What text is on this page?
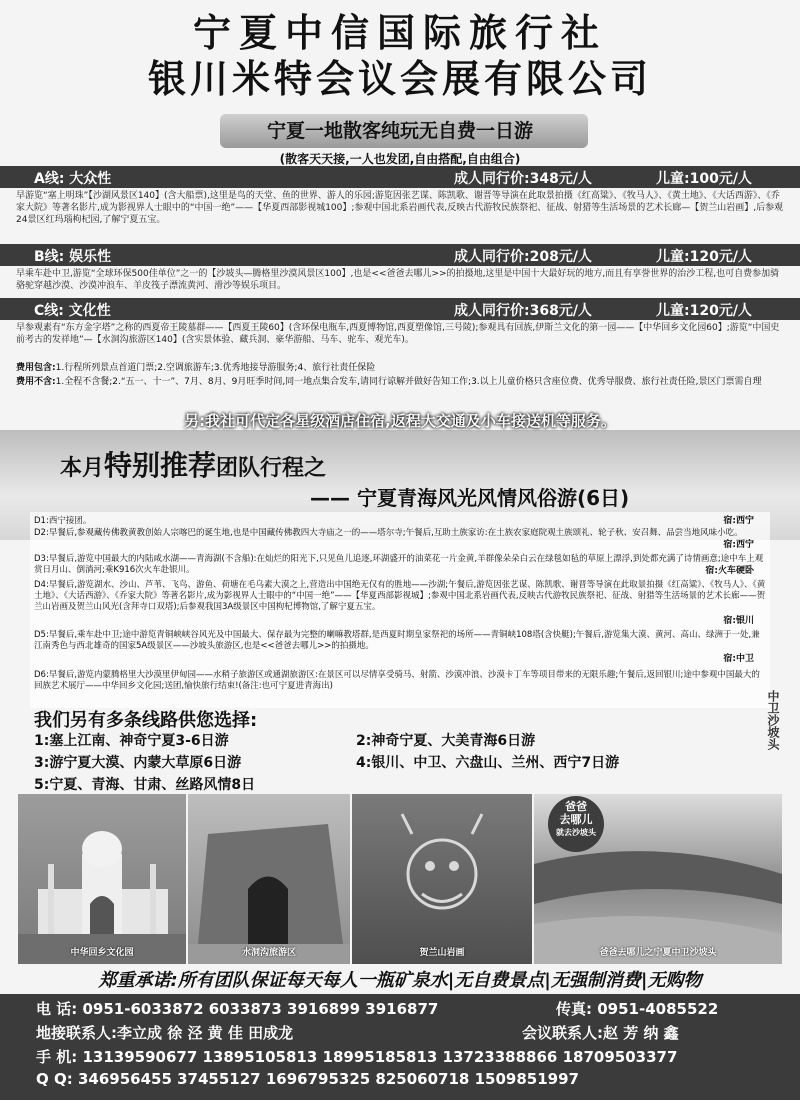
宁夏中信国际旅行社
银川米特会议会展有限公司
宁夏一地散客纯玩无自费一日游
(散客天天接,一人也发团,自由搭配,自由组合)
A线: 大众性	成人同行价:348元/人	儿童:100元/人
早游览“塞上明珠”【沙湖风景区140】(含大船票),这里是鸟的天堂、鱼的世界、游人的乐园;游览因张艺谋、陈凯歌、谢晋等导演在此取景拍摄《红高粱》、《牧马人》、《黄土地》、《大话西游》、《乔家大院》等著名影片,成为影视界人士眼中的“中国一绝”——【华夏西部影视城100】;参观中国北系岩画代表,反映古代游牧民族祭祀、征战、射猎等生活场景的艺术长廊—【贺兰山岩画】,后参观24景区红玛瑙枸杞园,了解宁夏五宝。
B线: 娱乐性	成人同行价:208元/人	儿童:120元/人
早乘车赴中卫,游览“全球环保500佳单位”之一的【沙坡头—腾格里沙漠风景区100】,也是<<爸爸去哪儿>>的拍摄地,这里是中国十大最好玩的地方,而且有享誉世界的治沙工程,也可自费参加骑骆驼穿越沙漠、沙漠冲浪车、羊皮筏子漂流黄河、滑沙等娱乐项目。
C线: 文化性	成人同行价:368元/人	儿童:120元/人
早参观素有“东方金字塔”之称的西夏帝王陵墓群——【西夏王陵60】(含环保电瓶车,西夏博物馆,西夏塑像馆,三号陵);参观具有回族,伊斯兰文化的第一园——【中华回乡文化园60】;游览“中国史前考古的发祥地”—【水洞沟旅游区140】(含实景体验、藏兵洞、豪华游船、马车、驼车、观光车)。
费用包含:1.行程所列景点首道门票;2.空调旅游车;3.优秀地接导游服务;4、旅行社责任保险
费用不含:1.全程不含餐;2.“五一、十一”、7月、8月、9月旺季时间,同一地点集合发车,请同行谅解并做好告知工作;3.以上儿童价格只含座位费、优秀导服费、旅行社责任险,景区门票需自理
另:我社可代定各星级酒店住宿,返程大交通及小车接送机等服务。
本月特别推荐团队行程之
—— 宁夏青海风光风情风俗游(6日)
D1:西宁接团。	宿:西宁
D2:早餐后,参观藏传佛教黄教创始人宗喀巴的诞生地,也是中国藏传佛教四大寺庙之一的——塔尔寺;午餐后,互助土族家访:在土族农家庭院观土族颂礼、轮子秋、安召舞、品尝当地风味小吃。
宿:西宁
D3:早餐后,游览中国最大的内陆咸水湖——青海湖(不含船):在灿烂的阳光下,只见鱼儿追逐,环湖盛开的油菜花一片金黄,羊群像朵朵白云在绿毯如毡的草原上漂浮,到处都充满了诗情画意;途中车上观赏日月山、倒淌河;乘K916次火车赴银川。	宿:火车硬卧
D4:早餐后,游览湖水、沙山、芦苇、飞鸟、游鱼、荷塘在毛乌素大漠之上,营造出中国绝无仅有的胜地——沙湖;午餐后,游览因张艺谋、陈凯歌、谢晋等导演在此取景拍摄《红高粱》、《牧马人》、《黄土地》、《大话西游》、《乔家大院》等著名影片,成为影视界人士眼中的“中国一绝”——【华夏西部影视城】;参观中国北系岩画代表,反映古代游牧民族祭祀、征战、射猎等生活场景的艺术长廊——贺兰山岩画及贺兰山风光(含拜寺口双塔);后参观我国3A级景区中国枸杞博物馆,了解宁夏五宝。
宿:银川
D5:早餐后,乘车赴中卫;途中游览青铜峡峡谷风光及中国最大、保存最为完整的喇嘛教塔群,是西夏时期皇家祭祀的场所——青铜峡108塔(含快艇);午餐后,游览集大漠、黄河、高山、绿洲于一处,兼江南秀色与西北雄奇的国家5A级景区——沙坡头旅游区,也是<<爸爸去哪儿>>的拍摄地。
宿:中卫
D6:早餐后,游览内蒙腾格里大沙漠里伊甸园——水稍子旅游区或通湖旅游区:在景区可以尽情享受骑马、射箭、沙漠冲浪、沙漠卡丁车等项目带来的无限乐趣;午餐后,返回银川;途中参观中国最大的回族艺术展厅——中华回乡文化园;送团,愉快旅行结束!(备注:也可宁夏进青海出)
中卫沙坡头
我们另有多条线路供您选择:
1:塞上江南、神奇宁夏3-6日游	2:神奇宁夏、大美青海6日游
3:游宁夏大漠、内蒙大草原6日游	4:银川、中卫、六盘山、兰州、西宁7日游
5:宁夏、青海、甘肃、丝路风情8日
中华回乡文化园	水洞沟旅游区	贺兰山岩画
爸爸
去哪儿
就去沙坡头
爸爸去哪儿之宁夏中卫沙坡头
郑重承诺:所有团队保证每天每人一瓶矿泉水|无自费景点|无强制消费|无购物
电 话: 0951-6033872 6033873 3916899 3916877	传真: 0951-4085522
地接联系人:李立成 徐 泾 黄 佳 田成龙	会议联系人:赵 芳 纳 鑫
手 机: 13139590677 13895105813 18995185813 13723388866 18709503377
Q Q: 346956455 37455127 1696795325 825060718 1509851997
